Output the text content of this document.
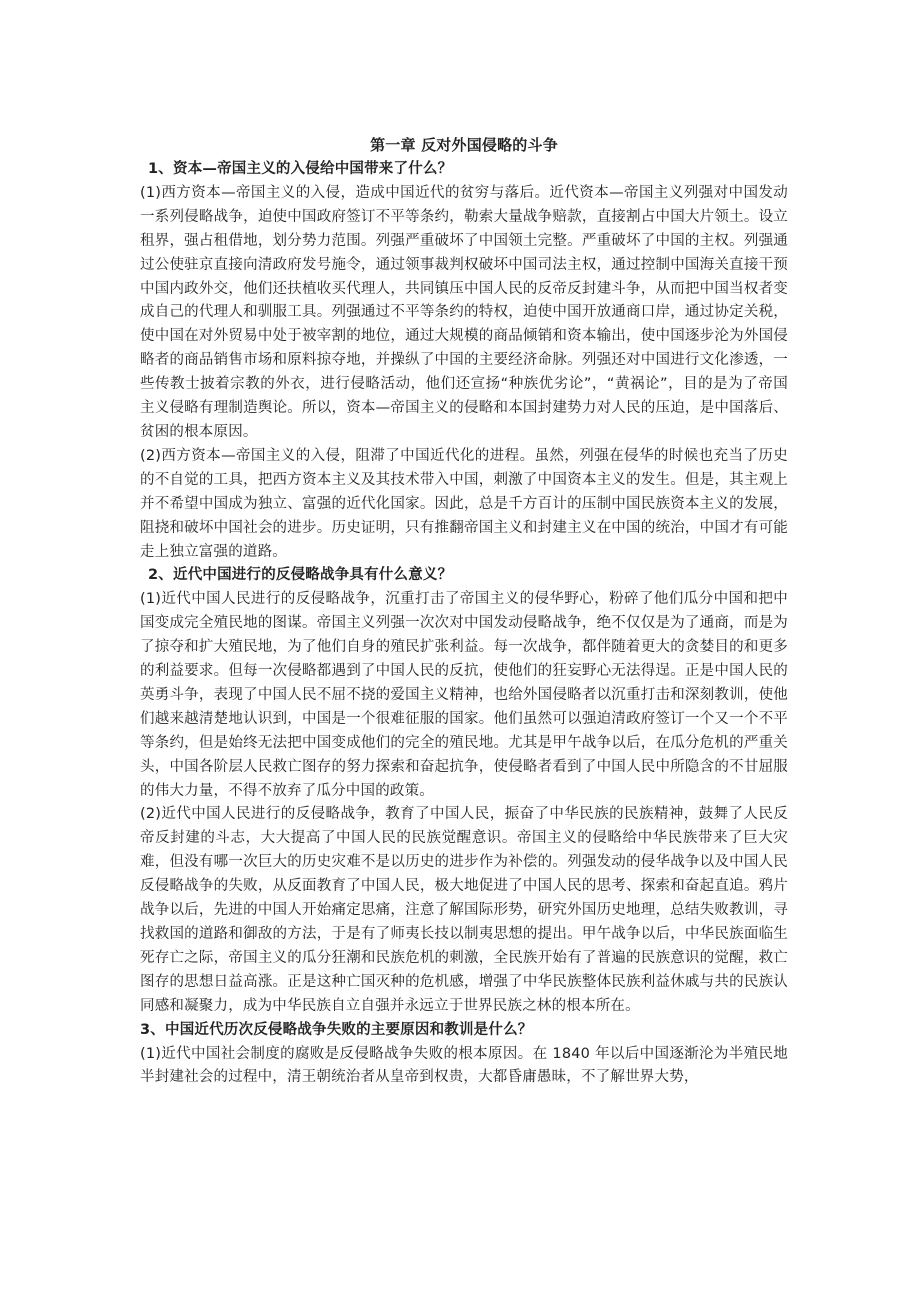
第一章 反对外国侵略的斗争
1、资本—帝国主义的入侵给中国带来了什么？

(1)西方资本—帝国主义的入侵，造成中国近代的贫穷与落后。近代资本—帝国主义列强对中国发动一系列侵略战争，迫使中国政府签订不平等条约，勒索大量战争赔款，直接割占中国大片领土。设立租界，强占租借地，划分势力范围。列强严重破坏了中国领土完整。严重破坏了中国的主权。列强通过公使驻京直接向清政府发号施令，通过领事裁判权破坏中国司法主权，通过控制中国海关直接干预中国内政外交，他们还扶植收买代理人，共同镇压中国人民的反帝反封建斗争，从而把中国当权者变成自己的代理人和驯服工具。列强通过不平等条约的特权，迫使中国开放通商口岸，通过协定关税，使中国在对外贸易中处于被宰割的地位，通过大规模的商品倾销和资本输出，使中国逐步沦为外国侵略者的商品销售市场和原料掠夺地，并操纵了中国的主要经济命脉。列强还对中国进行文化渗透，一些传教士披着宗教的外衣，进行侵略活动，他们还宣扬“种族优劣论”，“黄祸论”，目的是为了帝国主义侵略有理制造舆论。所以，资本—帝国主义的侵略和本国封建势力对人民的压迫，是中国落后、贫困的根本原因。

(2)西方资本—帝国主义的入侵，阻滞了中国近代化的进程。虽然，列强在侵华的时候也充当了历史的不自觉的工具，把西方资本主义及其技术带入中国，刺激了中国资本主义的发生。但是，其主观上并不希望中国成为独立、富强的近代化国家。因此，总是千方百计的压制中国民族资本主义的发展，阻挠和破坏中国社会的进步。历史证明，只有推翻帝国主义和封建主义在中国的统治，中国才有可能走上独立富强的道路。

2、近代中国进行的反侵略战争具有什么意义？

(1)近代中国人民进行的反侵略战争，沉重打击了帝国主义的侵华野心，粉碎了他们瓜分中国和把中国变成完全殖民地的图谋。帝国主义列强一次次对中国发动侵略战争，绝不仅仅是为了通商，而是为了掠夺和扩大殖民地，为了他们自身的殖民扩张利益。每一次战争，都伴随着更大的贪婪目的和更多的利益要求。但每一次侵略都遇到了中国人民的反抗，使他们的狂妄野心无法得逞。正是中国人民的英勇斗争，表现了中国人民不屈不挠的爱国主义精神，也给外国侵略者以沉重打击和深刻教训，使他们越来越清楚地认识到，中国是一个很难征服的国家。他们虽然可以强迫清政府签订一个又一个不平等条约，但是始终无法把中国变成他们的完全的殖民地。尤其是甲午战争以后，在瓜分危机的严重关头，中国各阶层人民救亡图存的努力探索和奋起抗争，使侵略者看到了中国人民中所隐含的不甘屈服的伟大力量，不得不放弃了瓜分中国的政策。

(2)近代中国人民进行的反侵略战争，教育了中国人民，振奋了中华民族的民族精神，鼓舞了人民反帝反封建的斗志，大大提高了中国人民的民族觉醒意识。帝国主义的侵略给中华民族带来了巨大灾难，但没有哪一次巨大的历史灾难不是以历史的进步作为补偿的。列强发动的侵华战争以及中国人民反侵略战争的失败，从反面教育了中国人民，极大地促进了中国人民的思考、探索和奋起直追。鸦片战争以后，先进的中国人开始痛定思痛，注意了解国际形势，研究外国历史地理，总结失败教训，寻找救国的道路和御敌的方法，于是有了师夷长技以制夷思想的提出。甲午战争以后，中华民族面临生死存亡之际，帝国主义的瓜分狂潮和民族危机的刺激，全民族开始有了普遍的民族意识的觉醒，救亡图存的思想日益高涨。正是这种亡国灭种的危机感，增强了中华民族整体民族利益休戚与共的民族认同感和凝聚力，成为中华民族自立自强并永远立于世界民族之林的根本所在。

3、中国近代历次反侵略战争失败的主要原因和教训是什么？

(1)近代中国社会制度的腐败是反侵略战争失败的根本原因。在 1840 年以后中国逐渐沦为半殖民地半封建社会的过程中，清王朝统治者从皇帝到权贵，大都昏庸愚昧，不了解世界大势，
